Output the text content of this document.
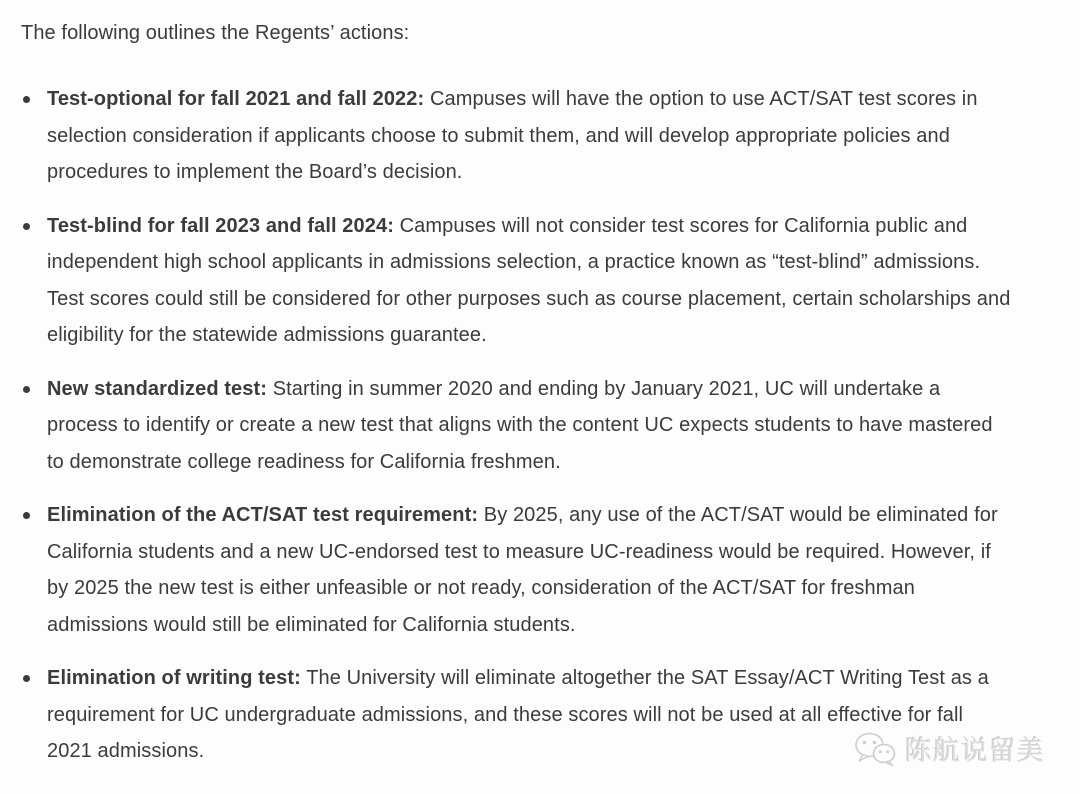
The following outlines the Regents’ actions:

Test-optional for fall 2021 and fall 2022: Campuses will have the option to use ACT/SAT test scores in selection consideration if applicants choose to submit them, and will develop appropriate policies and procedures to implement the Board’s decision.
Test-blind for fall 2023 and fall 2024: Campuses will not consider test scores for California public and independent high school applicants in admissions selection, a practice known as “test-blind” admissions. Test scores could still be considered for other purposes such as course placement, certain scholarships and eligibility for the statewide admissions guarantee.
New standardized test: Starting in summer 2020 and ending by January 2021, UC will undertake a process to identify or create a new test that aligns with the content UC expects students to have mastered to demonstrate college readiness for California freshmen.
Elimination of the ACT/SAT test requirement: By 2025, any use of the ACT/SAT would be eliminated for California students and a new UC-endorsed test to measure UC-readiness would be required. However, if by 2025 the new test is either unfeasible or not ready, consideration of the ACT/SAT for freshman admissions would still be eliminated for California students.
Elimination of writing test: The University will eliminate altogether the SAT Essay/ACT Writing Test as a requirement for UC undergraduate admissions, and these scores will not be used at all effective for fall 2021 admissions.	陈航说留美
